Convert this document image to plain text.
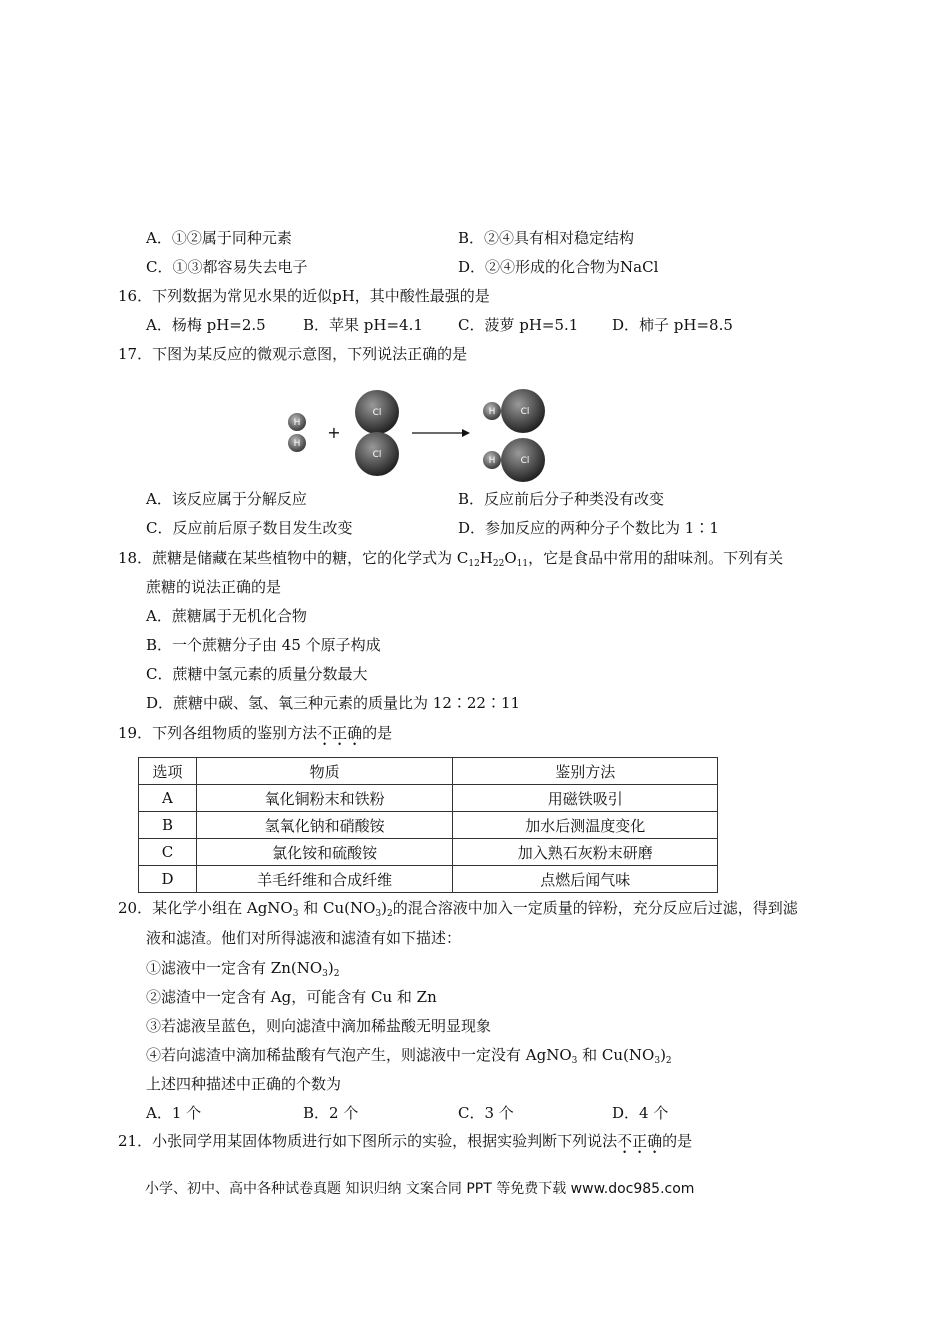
A．①②属于同种元素	B．②④具有相对稳定结构
C．①③都容易失去电子	D．②④形成的化合物为NaCl
16．下列数据为常见水果的近似pH，其中酸性最强的是
A．杨梅 pH=2.5 B．苹果 pH=4.1 C．菠萝 pH=5.1 D．柿子 pH=8.5
17．下图为某反应的微观示意图，下列说法正确的是
H
H
+
Cl
Cl
H	Cl
H	Cl
A．该反应属于分解反应	B．反应前后分子种类没有改变
C．反应前后原子数目发生改变	D．参加反应的两种分子个数比为 1∶1
18．蔗糖是储藏在某些植物中的糖，它的化学式为 $C_{12}H_{22}O_{11}$，它是食品中常用的甜味剂。下列有关
蔗糖的说法正确的是
A．蔗糖属于无机化合物
B．一个蔗糖分子由 45 个原子构成
C．蔗糖中氢元素的质量分数最大
D．蔗糖中碳、氢、氧三种元素的质量比为 12∶22∶11
19．下列各组物质的鉴别方法不正确的是
选项	物质	鉴别方法
A	氧化铜粉末和铁粉	用磁铁吸引
B	氢氧化钠和硝酸铵	加水后测温度变化
C	氯化铵和硫酸铵	加入熟石灰粉末研磨
D	羊毛纤维和合成纤维	点燃后闻气味
20．某化学小组在 AgNO$_3$ 和 $Cu(NO_3)_2$的混合溶液中加入一定质量的锌粉，充分反应后过滤，得到滤
液和滤渣。他们对所得滤液和滤渣有如下描述：
①滤液中一定含有 $Zn(NO_3)_2$
②滤渣中一定含有 Ag，可能含有 Cu 和 Zn
③若滤液呈蓝色，则向滤渣中滴加稀盐酸无明显现象
④若向滤渣中滴加稀盐酸有气泡产生，则滤液中一定没有 AgNO$_3$ 和 $Cu(NO_3)_2$
上述四种描述中正确的个数为
A．1 个	B．2 个	C．3 个	D．4 个
21．小张同学用某固体物质进行如下图所示的实验，根据实验判断下列说法不正确的是
小学、初中、高中各种试卷真题 知识归纳 文案合同 PPT 等免费下载 www.doc985.com
